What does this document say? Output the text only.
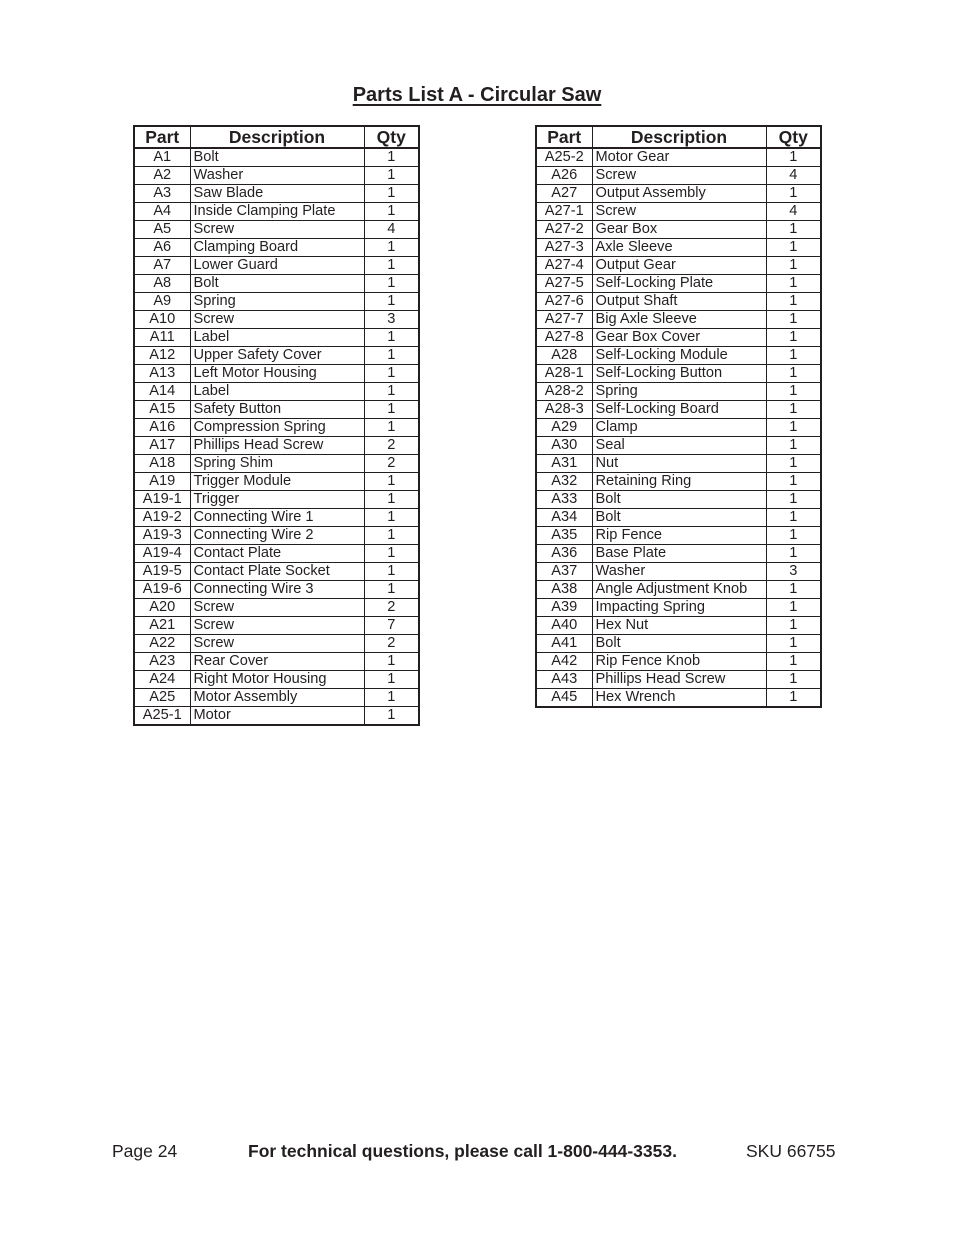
Parts List A - Circular Saw
Part	Description	Qty
A1	Bolt	1
A2	Washer	1
A3	Saw Blade	1
A4	Inside Clamping Plate	1
A5	Screw	4
A6	Clamping Board	1
A7	Lower Guard	1
A8	Bolt	1
A9	Spring	1
A10	Screw	3
A11	Label	1
A12	Upper Safety Cover	1
A13	Left Motor Housing	1
A14	Label	1
A15	Safety Button	1
A16	Compression Spring	1
A17	Phillips Head Screw	2
A18	Spring Shim	2
A19	Trigger Module	1
A19-1	Trigger	1
A19-2	Connecting Wire 1	1
A19-3	Connecting Wire 2	1
A19-4	Contact Plate	1
A19-5	Contact Plate Socket	1
A19-6	Connecting Wire 3	1
A20	Screw	2
A21	Screw	7
A22	Screw	2
A23	Rear Cover	1
A24	Right Motor Housing	1
A25	Motor Assembly	1
A25-1	Motor	1
Part	Description	Qty
A25-2	Motor Gear	1
A26	Screw	4
A27	Output Assembly	1
A27-1	Screw	4
A27-2	Gear Box	1
A27-3	Axle Sleeve	1
A27-4	Output Gear	1
A27-5	Self-Locking Plate	1
A27-6	Output Shaft	1
A27-7	Big Axle Sleeve	1
A27-8	Gear Box Cover	1
A28	Self-Locking Module	1
A28-1	Self-Locking Button	1
A28-2	Spring	1
A28-3	Self-Locking Board	1
A29	Clamp	1
A30	Seal	1
A31	Nut	1
A32	Retaining Ring	1
A33	Bolt	1
A34	Bolt	1
A35	Rip Fence	1
A36	Base Plate	1
A37	Washer	3
A38	Angle Adjustment Knob	1
A39	Impacting Spring	1
A40	Hex Nut	1
A41	Bolt	1
A42	Rip Fence Knob	1
A43	Phillips Head Screw	1
A45	Hex Wrench	1
Page 24	For technical questions, please call 1-800-444-3353.	SKU 66755
